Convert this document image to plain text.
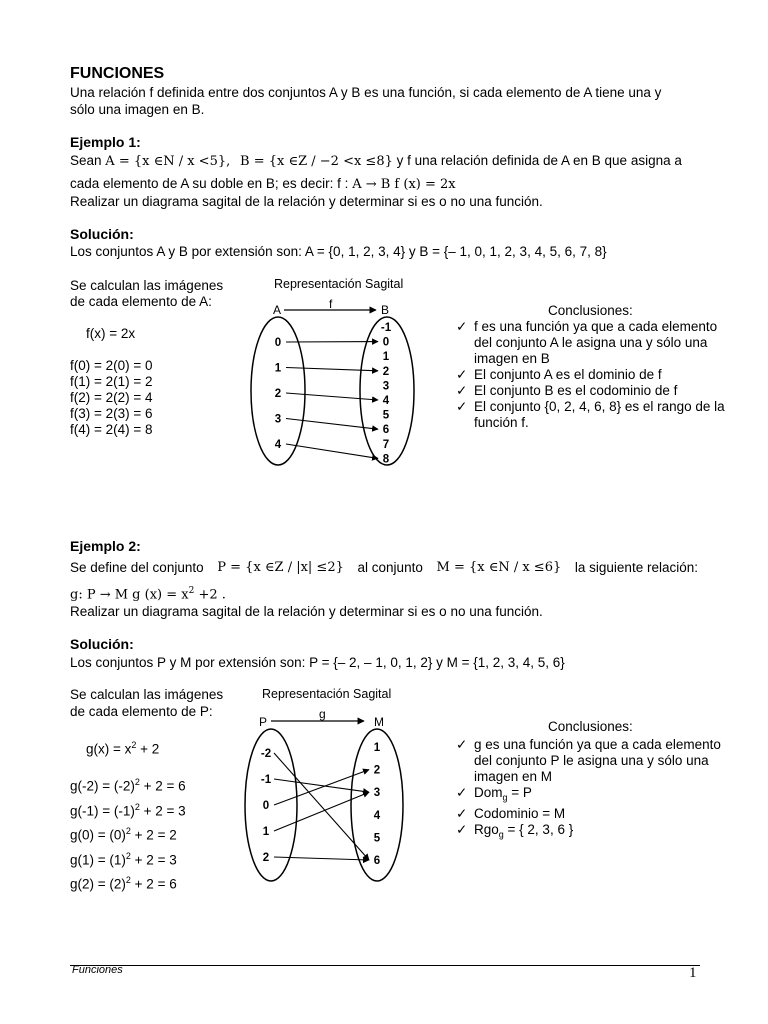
FUNCIONES
Una relación f definida entre dos conjuntos A y B es una función, si cada elemento de A tiene una y
sólo una imagen en B.
Ejemplo 1:
Sean A = {x ∈N / x <5}, B = {x ∈Z / −2 <x ≤8} y f una relación definida de A en B que asigna a
cada elemento de A su doble en B; es decir: f : A → B f (x) = 2x
Realizar un diagrama sagital de la relación y determinar si es o no una función.
Solución:
Los conjuntos A y B por extensión son: A = {0, 1, 2, 3, 4} y B = {– 1, 0, 1, 2, 3, 4, 5, 6, 7, 8}
Se calculan las imágenes
de cada elemento de A:
f(x) = 2x
f(0) = 2(0) = 0
f(1) = 2(1) = 2
f(2) = 2(2) = 4
f(3) = 2(3) = 6
f(4) = 2(4) = 8
Representación Sagital
A	B
f
0
1
2
3
4
-1
0
1
2
3
4
5
6
7
8
Conclusiones:
✓ f es una función ya que a cada elemento del conjunto A le asigna una y sólo una imagen en B
✓ El conjunto A es el dominio de f
✓ El conjunto B es el codominio de f
✓ El conjunto {0, 2, 4, 6, 8} es el rango de la función f.
Ejemplo 2:
Se define del conjunto P = {x ∈Z / |x| ≤2} al conjunto M = {x ∈N / x ≤6} la siguiente relación:
g: P → M g $(x) = x^2 +2$ .
Realizar un diagrama sagital de la relación y determinar si es o no una función.
Solución:
Los conjuntos P y M por extensión son: P = {– 2, – 1, 0, 1, 2} y M = {1, 2, 3, 4, 5, 6}
Se calculan las imágenes
de cada elemento de P:
$g(x) = x^2 + 2$
$g(-2) = (-2)^2 + 2 = 6$
$g(-1) = (-1)^2 + 2 = 3$
$g(0) = (0)^2 + 2 = 2$
$g(1) = (1)^2 + 2 = 3$
$g(2) = (2)^2 + 2 = 6$
Representación Sagital
P	M
g
-2
-1
0
1
2
1
2
3
4
5
6
Conclusiones:
✓ g es una función ya que a cada elemento del conjunto P le asigna una y sólo una imagen en M
✓ Dom$_g$ = P
✓ Codominio = M
✓ Rgo$_g$ = { 2, 3, 6 }
Funciones	1
